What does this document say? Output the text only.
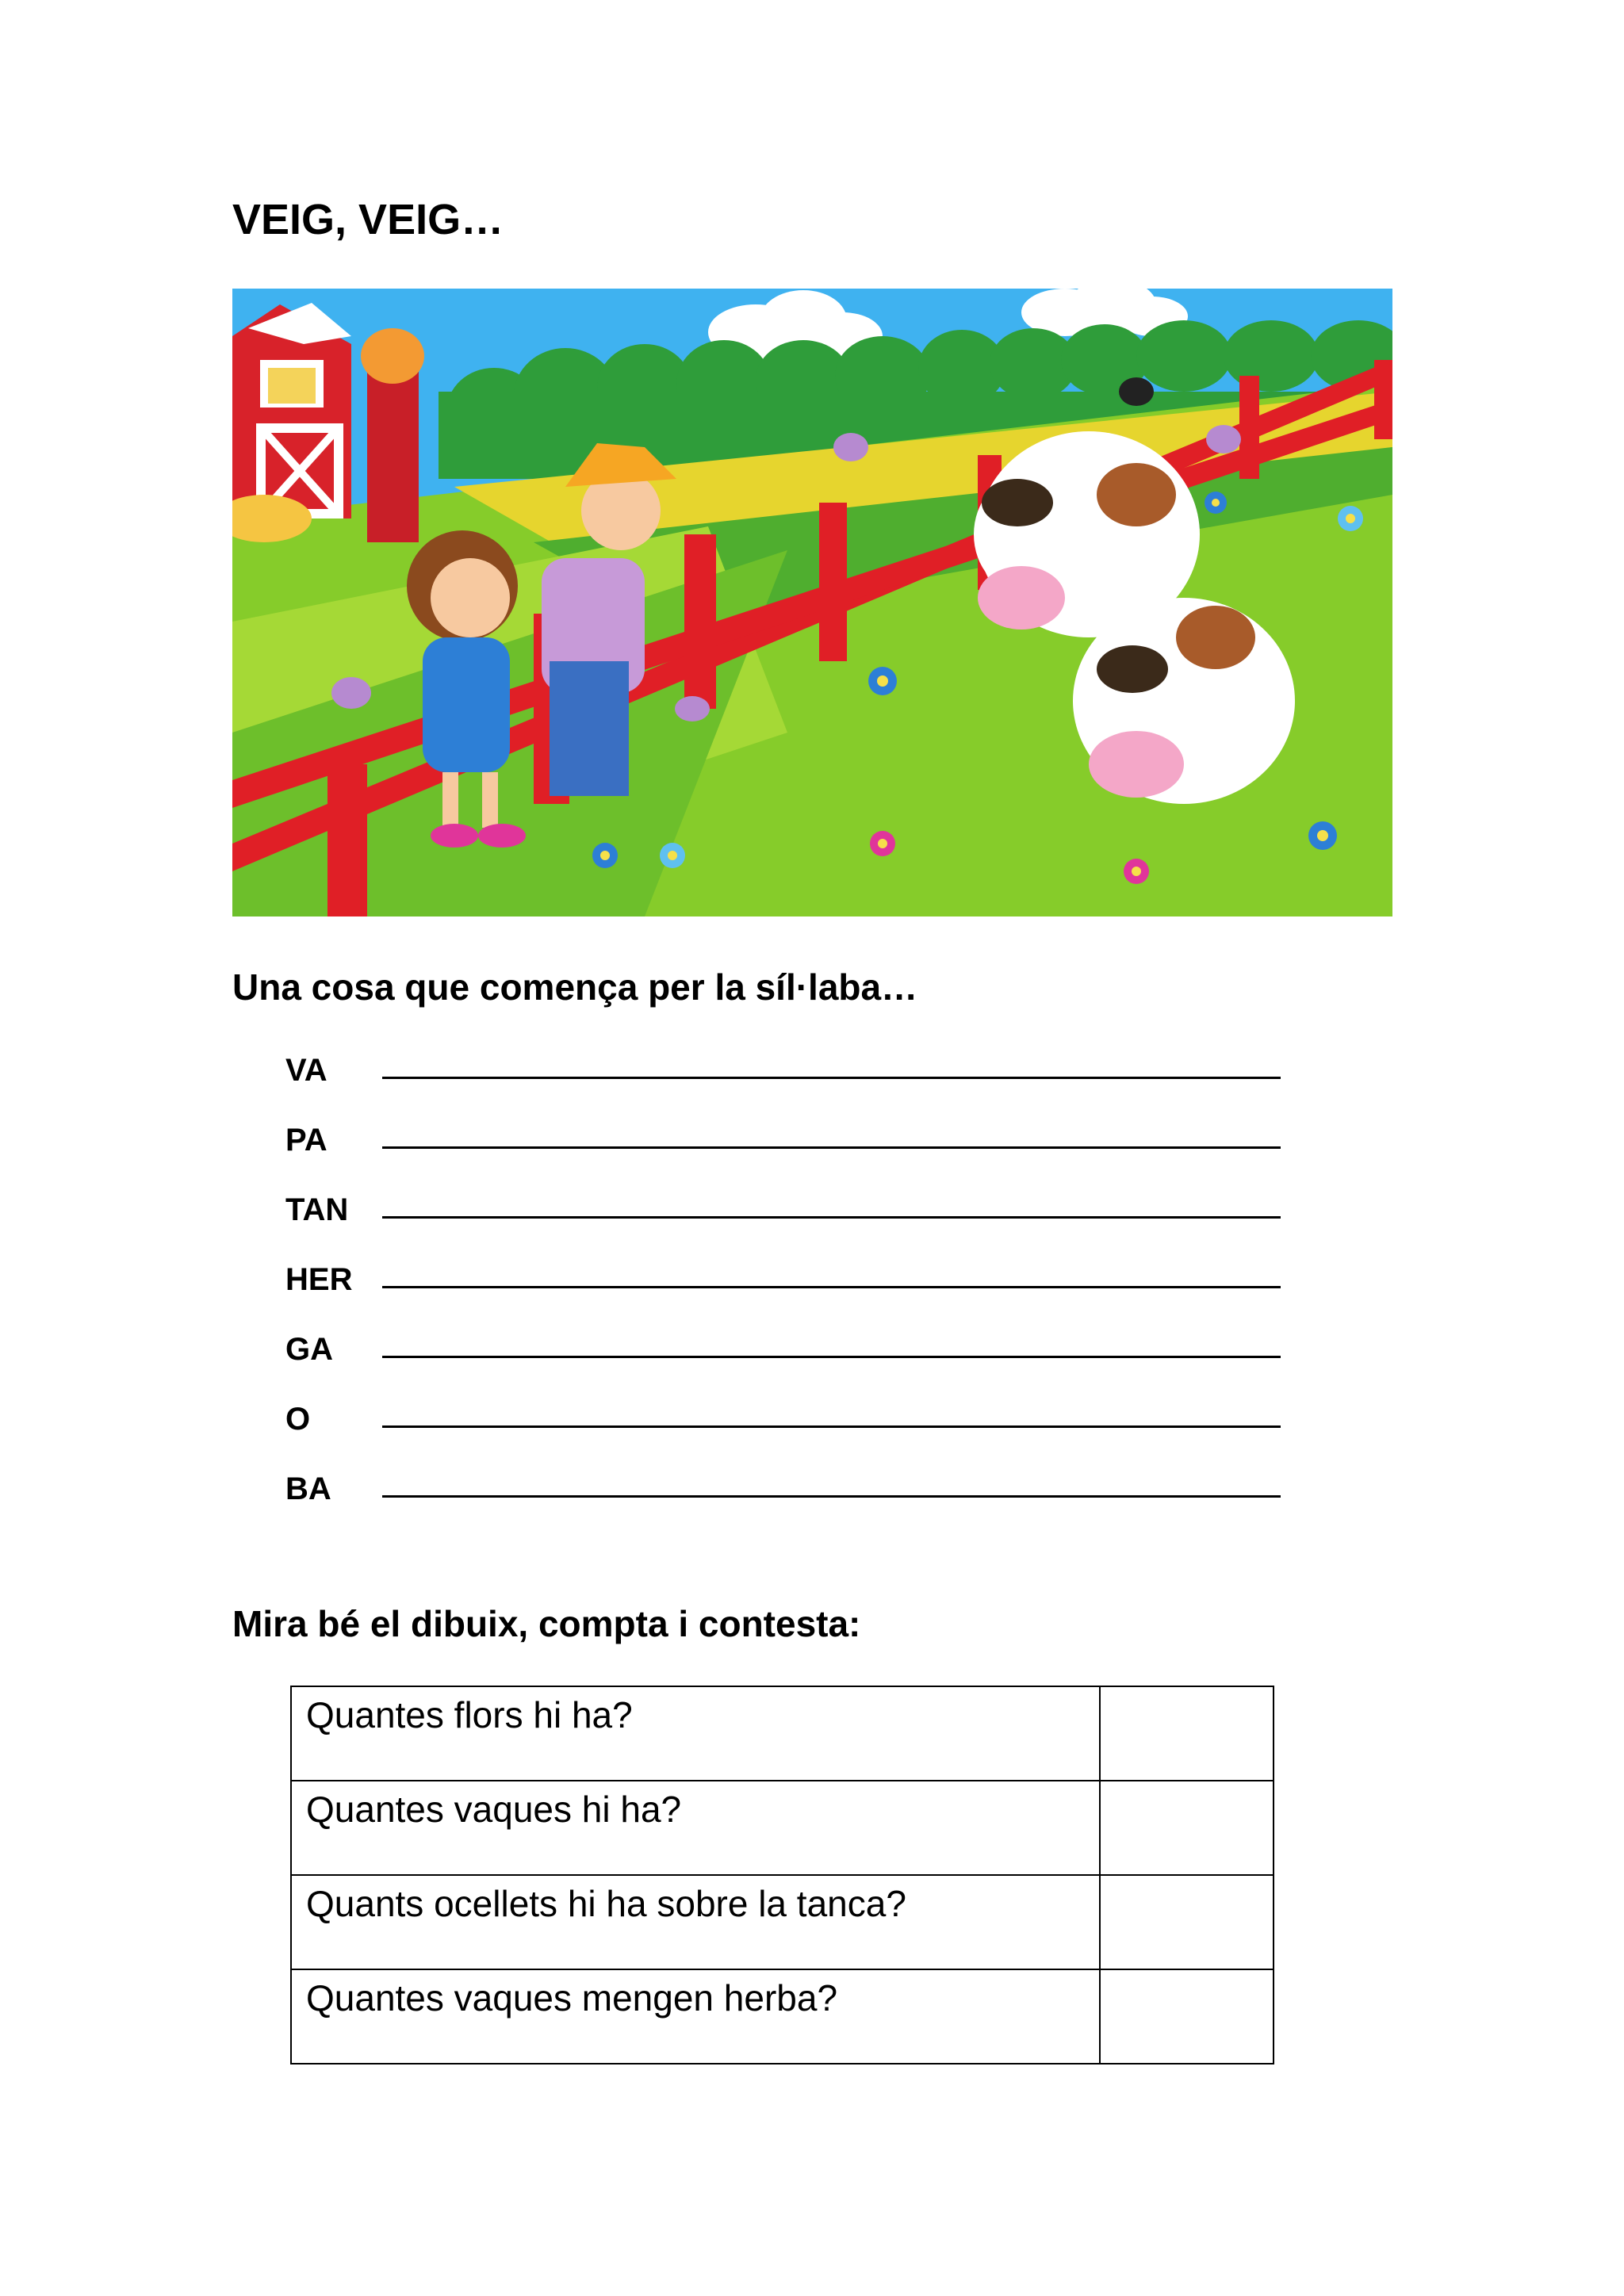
VEIG, VEIG…
Una cosa que comença per la síl·laba…
VA
PA
TAN
HER
GA
O
BA
Mira bé el dibuix, compta i contesta:
Quantes flors hi ha?	
Quantes vaques hi ha?	
Quants ocellets hi ha sobre la tanca?	
Quantes vaques mengen herba?	
